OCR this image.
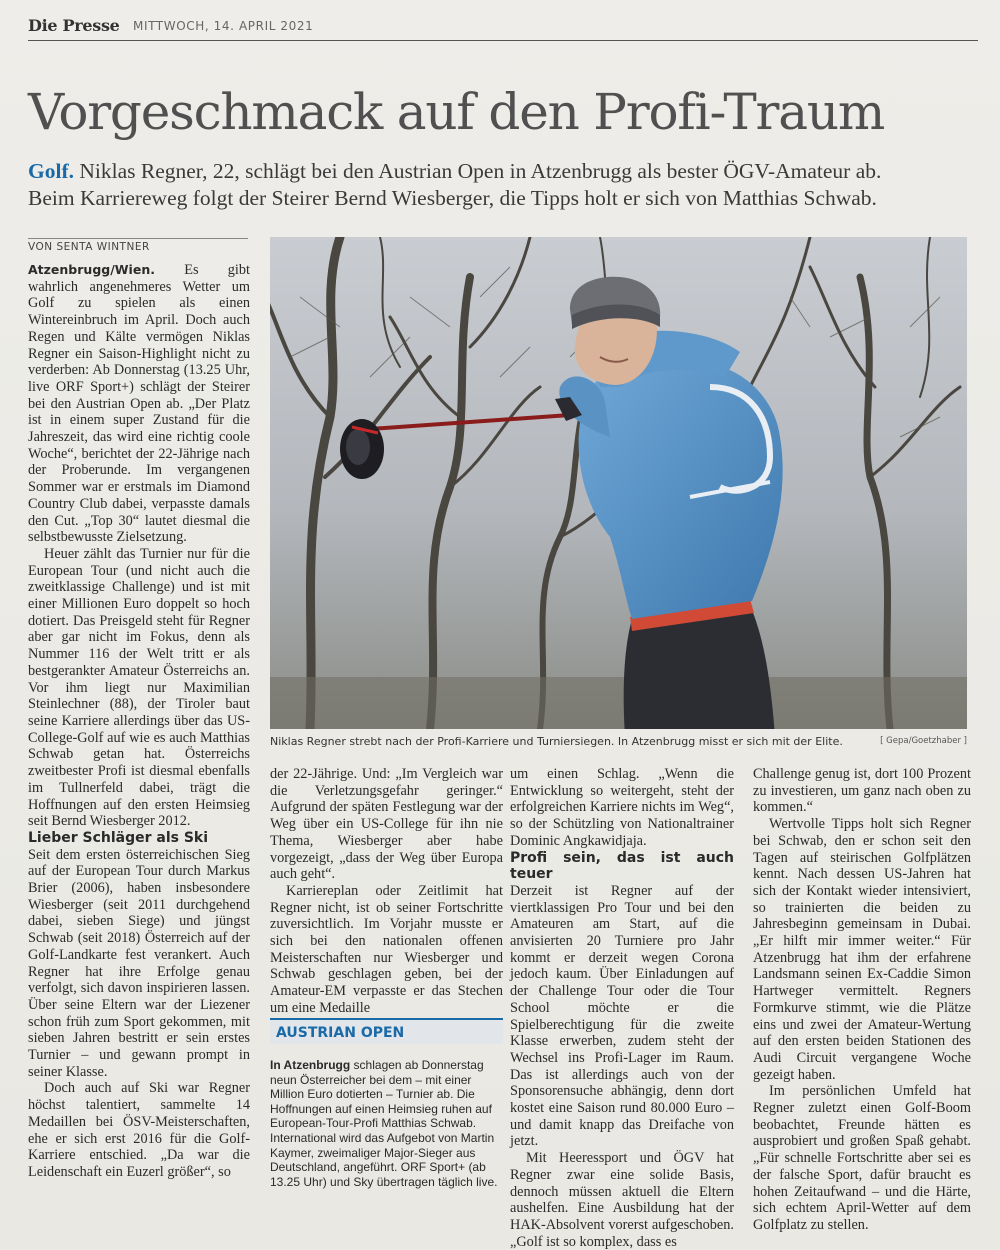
Die Presse MITTWOCH, 14. APRIL 2021
Vorgeschmack auf den Profi-Traum

Golf. Niklas Regner, 22, schlägt bei den Austrian Open in Atzenbrugg als bester ÖGV-Amateur ab.

Beim Karriereweg folgt der Steirer Bernd Wiesberger, die Tipps holt er sich von Matthias Schwab.

VON SENTA WINTNER

Atzenbrugg/Wien. Es gibt wahrlich angenehmeres Wetter um Golf zu spielen als einen Wintereinbruch im April. Doch auch Regen und Kälte vermögen Niklas Regner ein Saison-Highlight nicht zu verderben: Ab Donnerstag (13.25 Uhr, live ORF Sport+) schlägt der Steirer bei den Austrian Open ab. „Der Platz ist in einem super Zustand für die Jahreszeit, das wird eine richtig coole Woche“, berichtet der 22-Jährige nach der Proberunde. Im vergangenen Sommer war er erstmals im Diamond Country Club dabei, verpasste damals den Cut. „Top 30“ lautet diesmal die selbstbewusste Zielsetzung.

Heuer zählt das Turnier nur für die European Tour (und nicht auch die zweitklassige Challenge) und ist mit einer Millionen Euro doppelt so hoch dotiert. Das Preisgeld steht für Regner aber gar nicht im Fokus, denn als Nummer 116 der Welt tritt er als bestgerankter Amateur Österreichs an. Vor ihm liegt nur Maximilian Steinlechner (88), der Tiroler baut seine Karriere allerdings über das US-College-Golf auf wie es auch Matthias Schwab getan hat. Österreichs zweitbester Profi ist diesmal ebenfalls im Tullnerfeld dabei, trägt die Hoffnungen auf den ersten Heimsieg seit Bernd Wiesberger 2012.

Lieber Schläger als Ski

Seit dem ersten österreichischen Sieg auf der European Tour durch Markus Brier (2006), haben insbesondere Wiesberger (seit 2011 durchgehend dabei, sieben Siege) und jüngst Schwab (seit 2018) Österreich auf der Golf-Landkarte fest verankert. Auch Regner hat ihre Erfolge genau verfolgt, sich davon inspirieren lassen. Über seine Eltern war der Liezener schon früh zum Sport gekommen, mit sieben Jahren bestritt er sein erstes Turnier – und gewann prompt in seiner Klasse.

Doch auch auf Ski war Regner höchst talentiert, sammelte 14 Medaillen bei ÖSV-Meisterschaften, ehe er sich erst 2016 für die Golf-Karriere entschied. „Da war die Leidenschaft ein Euzerl größer“, so

Niklas Regner strebt nach der Profi-Karriere und Turniersiegen. In Atzenbrugg misst er sich mit der Elite.	[ Gepa/Goetzhaber ]

der 22-Jährige. Und: „Im Vergleich war die Verletzungsgefahr geringer.“ Aufgrund der späten Festlegung war der Weg über ein US-College für ihn nie Thema, Wiesberger aber habe vorgezeigt, „dass der Weg über Europa auch geht“.

Karriereplan oder Zeitlimit hat Regner nicht, ist ob seiner Fortschritte zuversichtlich. Im Vorjahr musste er sich bei den nationalen offenen Meisterschaften nur Wiesberger und Schwab geschlagen geben, bei der Amateur-EM verpasste er das Stechen um eine Medaille

AUSTRIAN OPEN
In Atzenbrugg schlagen ab Donnerstag neun Österreicher bei dem – mit einer Million Euro dotierten – Turnier ab. Die Hoffnungen auf einen Heimsieg ruhen auf European-Tour-Profi Matthias Schwab. International wird das Aufgebot von Martin Kaymer, zweimaliger Major-Sieger aus Deutschland, angeführt. ORF Sport+ (ab 13.25 Uhr) und Sky übertragen täglich live.

um einen Schlag. „Wenn die Entwicklung so weitergeht, steht der erfolgreichen Karriere nichts im Weg“, so der Schützling von Nationaltrainer Dominic Angkawidjaja.

Profi sein, das ist auch teuer

Derzeit ist Regner auf der viertklassigen Pro Tour und bei den Amateuren am Start, auf die anvisierten 20 Turniere pro Jahr kommt er derzeit wegen Corona jedoch kaum. Über Einladungen auf der Challenge Tour oder die Tour School möchte er die Spielberechtigung für die zweite Klasse erwerben, zudem steht der Wechsel ins Profi-Lager im Raum. Das ist allerdings auch von der Sponsorensuche abhängig, denn dort kostet eine Saison rund 80.000 Euro – und damit knapp das Dreifache von jetzt.

Mit Heeressport und ÖGV hat Regner zwar eine solide Basis, dennoch müssen aktuell die Eltern aushelfen. Eine Ausbildung hat der HAK-Absolvent vorerst aufgeschoben. „Golf ist so komplex, dass es

Challenge genug ist, dort 100 Prozent zu investieren, um ganz nach oben zu kommen.“

Wertvolle Tipps holt sich Regner bei Schwab, den er schon seit den Tagen auf steirischen Golfplätzen kennt. Nach dessen US-Jahren hat sich der Kontakt wieder intensiviert, so trainierten die beiden zu Jahresbeginn gemeinsam in Dubai. „Er hilft mir immer weiter.“ Für Atzenbrugg hat ihm der erfahrene Landsmann seinen Ex-Caddie Simon Hartweger vermittelt. Regners Formkurve stimmt, wie die Plätze eins und zwei der Amateur-Wertung auf den ersten beiden Stationen des Audi Circuit vergangene Woche gezeigt haben.

Im persönlichen Umfeld hat Regner zuletzt einen Golf-Boom beobachtet, Freunde hätten es ausprobiert und großen Spaß gehabt. „Für schnelle Fortschritte aber sei es der falsche Sport, dafür braucht es hohen Zeitaufwand – und die Härte, sich echtem April-Wetter auf dem Golfplatz zu stellen.
